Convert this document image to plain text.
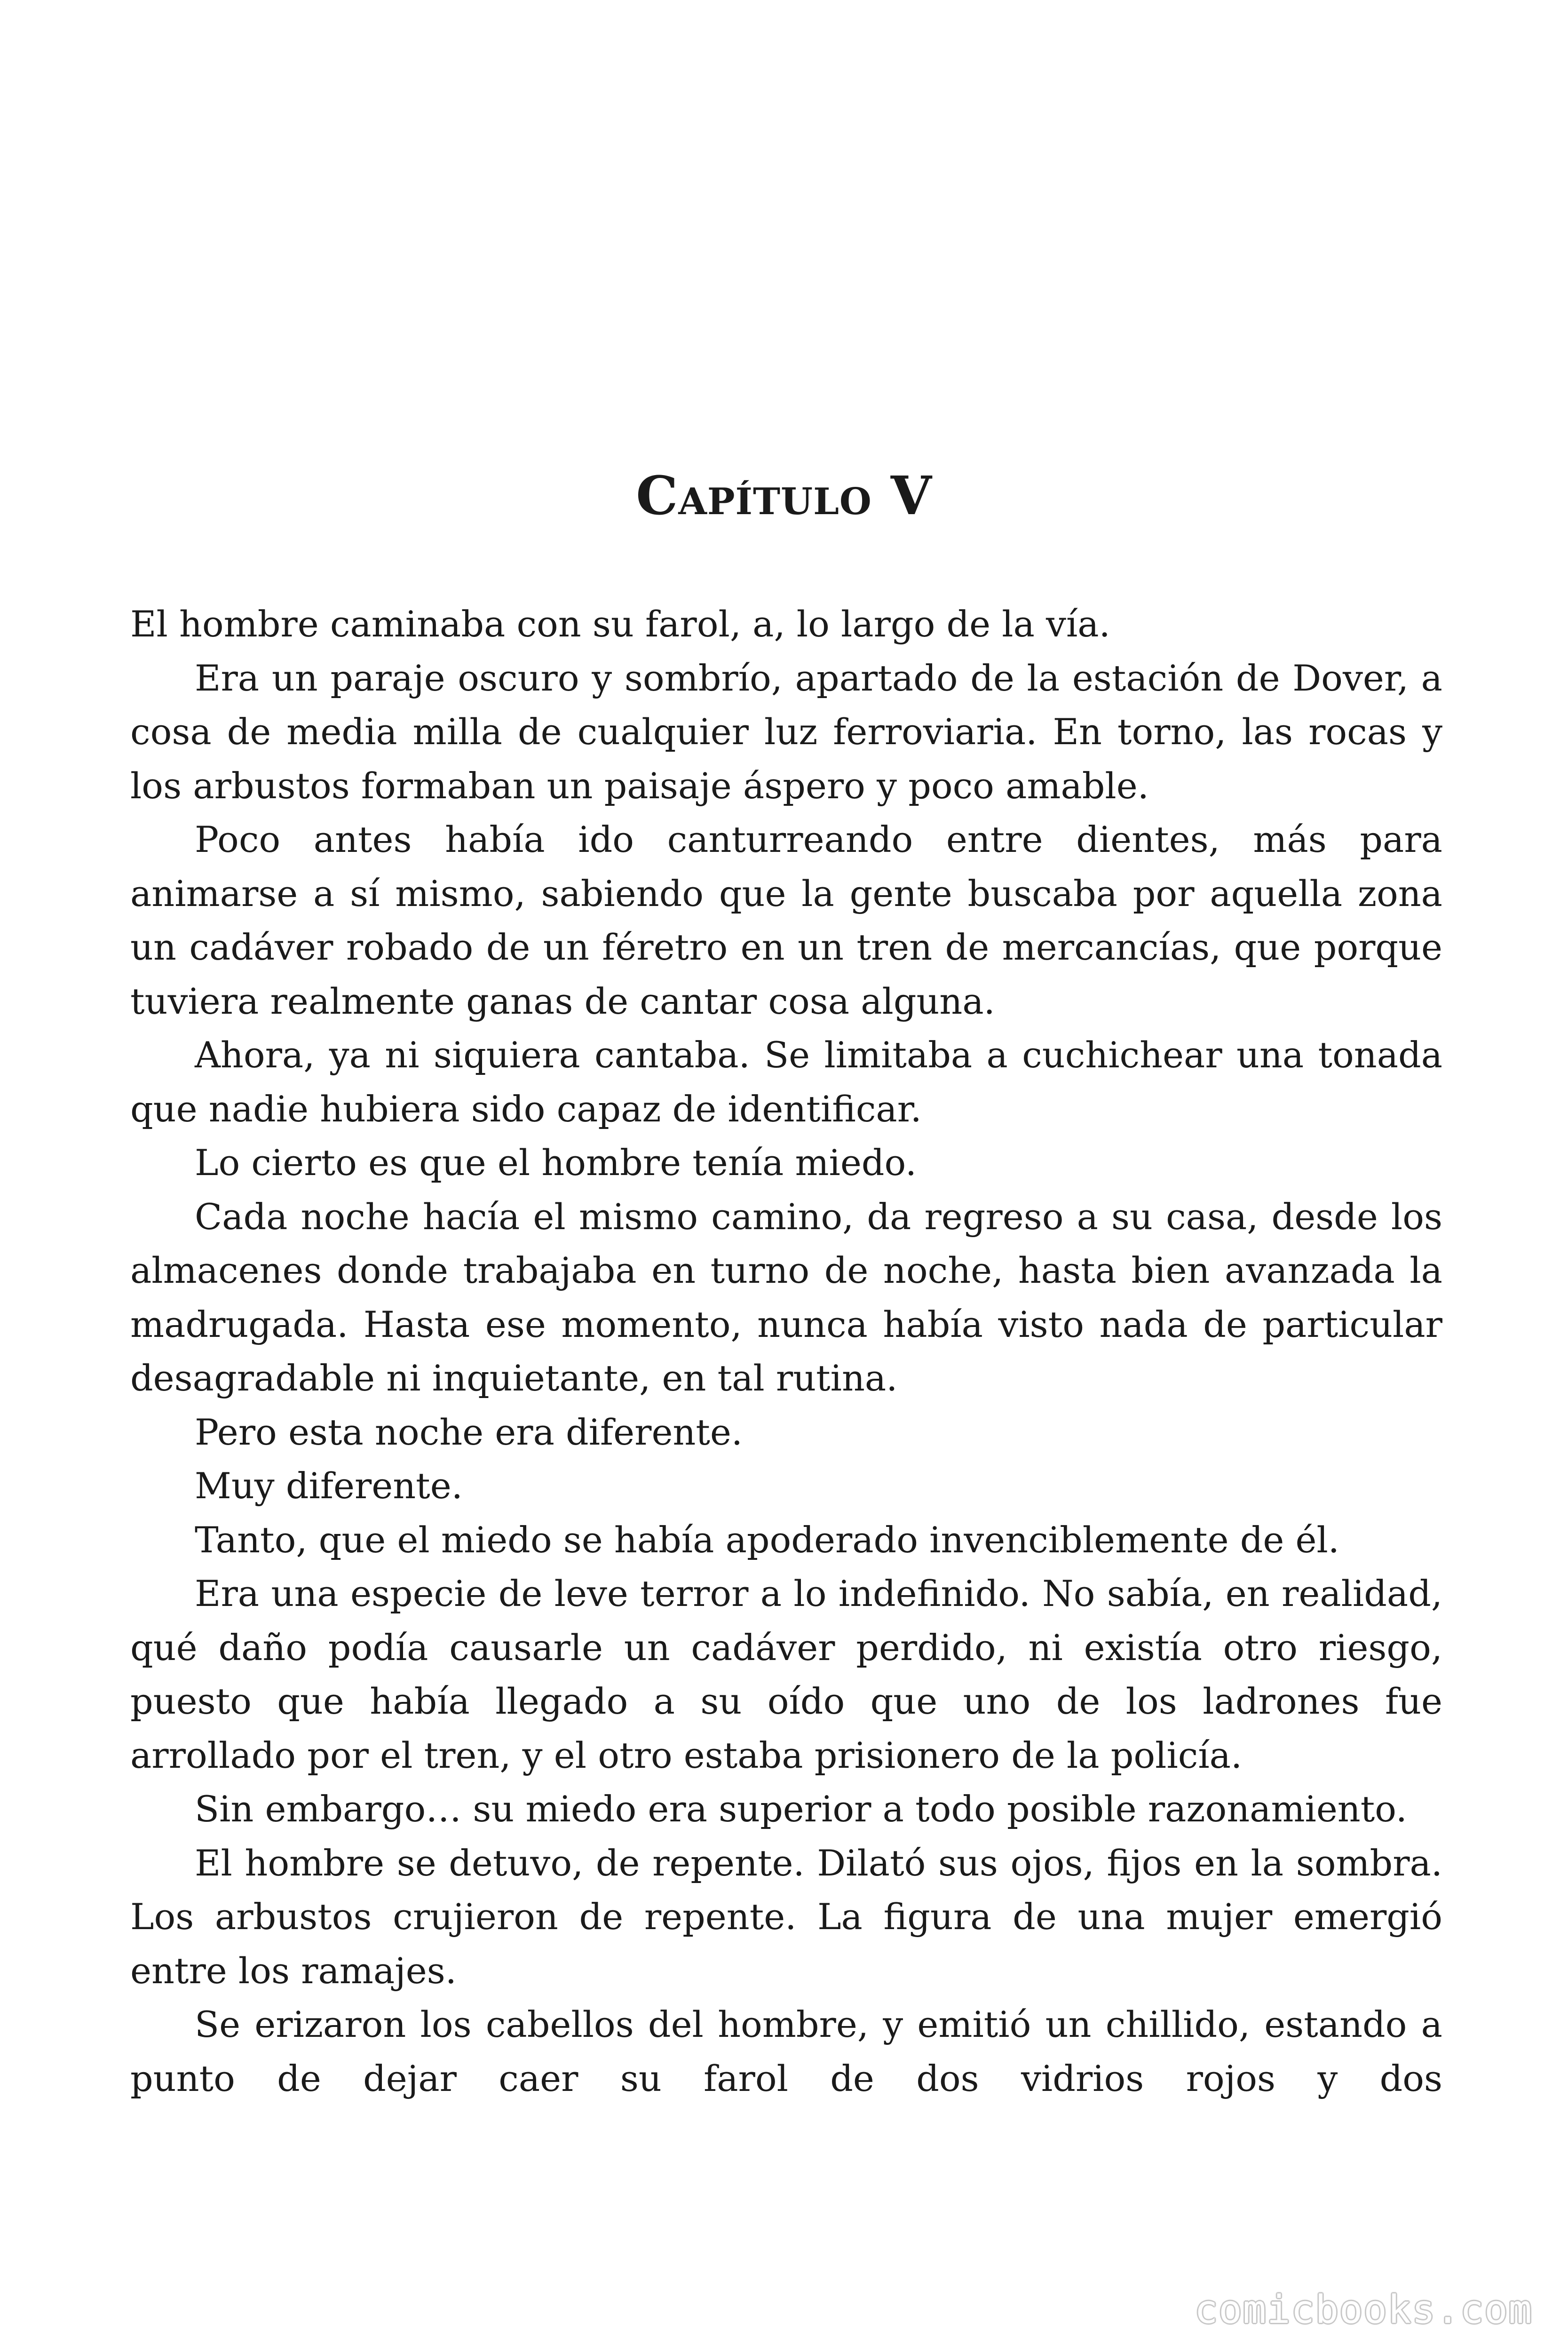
Capítulo V

El hombre caminaba con su farol, a, lo largo de la vía.

Era un paraje oscuro y sombrío, apartado de la estación de Dover, a cosa de media milla de cualquier luz ferroviaria. En torno, las rocas y los arbustos formaban un paisaje áspero y poco amable.

Poco antes había ido canturreando entre dientes, más para animarse a sí mismo, sabiendo que la gente buscaba por aquella zona un cadáver robado de un féretro en un tren de mercancías, que porque tuviera realmente ganas de cantar cosa alguna.

Ahora, ya ni siquiera cantaba. Se limitaba a cuchichear una tonada que nadie hubiera sido capaz de identificar.

Lo cierto es que el hombre tenía miedo.

Cada noche hacía el mismo camino, da regreso a su casa, desde los almacenes donde trabajaba en turno de noche, hasta bien avanzada la madrugada. Hasta ese momento, nunca había visto nada de particular desagradable ni inquietante, en tal rutina.

Pero esta noche era diferente.

Muy diferente.

Tanto, que el miedo se había apoderado invenciblemente de él.

Era una especie de leve terror a lo indefinido. No sabía, en realidad, qué daño podía causarle un cadáver perdido, ni existía otro riesgo, puesto que había llegado a su oído que uno de los ladrones fue arrollado por el tren, y el otro estaba prisionero de la policía.

Sin embargo… su miedo era superior a todo posible razonamiento.

El hombre se detuvo, de repente. Dilató sus ojos, fijos en la sombra. Los arbustos crujieron de repente. La figura de una mujer emergió entre los ramajes.

Se erizaron los cabellos del hombre, y emitió un chillido, estando a punto de dejar caer su farol de dos vidrios rojos y dos

comicbooks.com
